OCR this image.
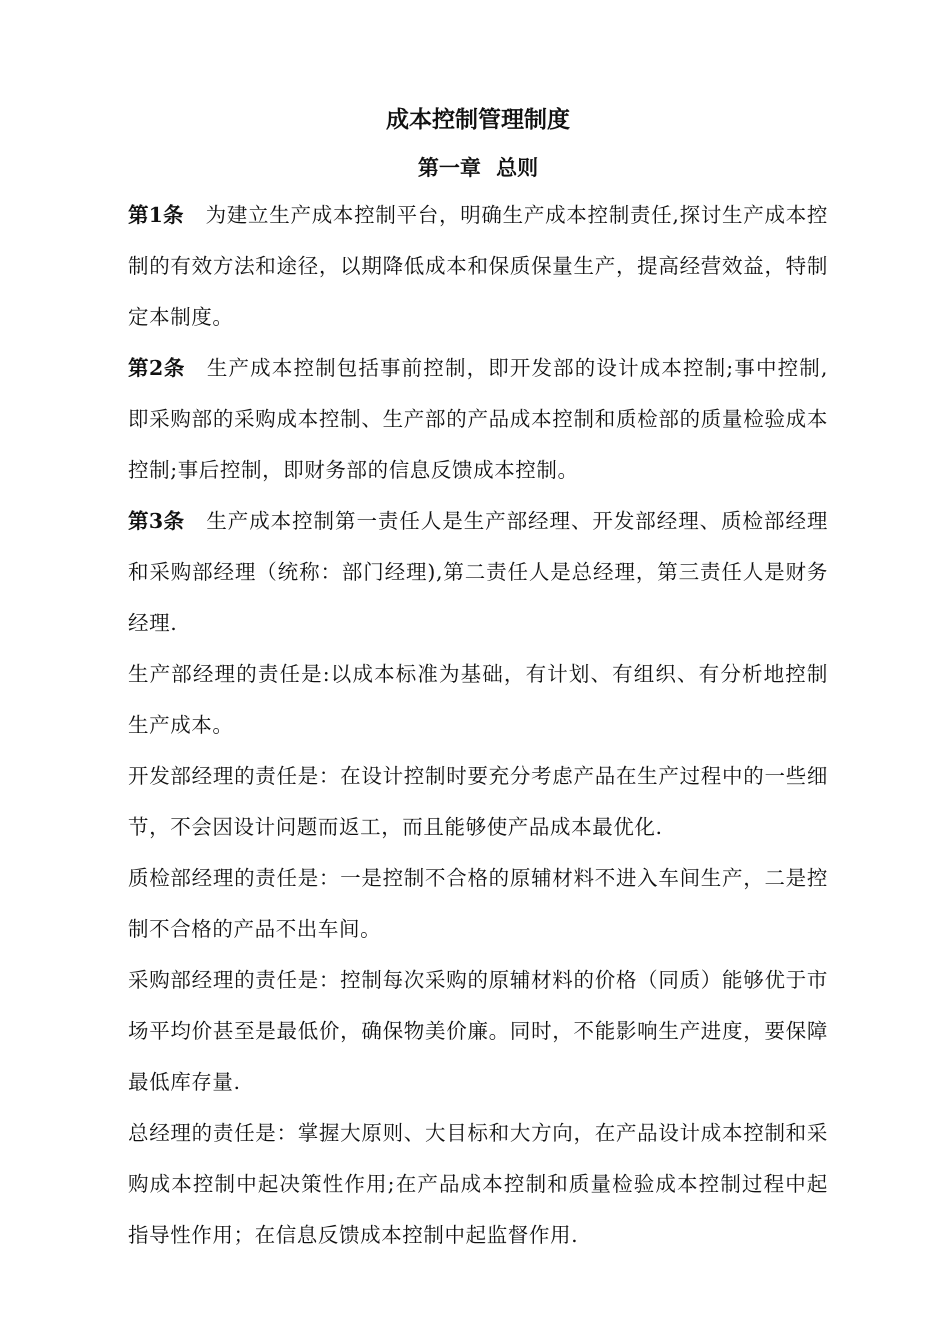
成本控制管理制度
第一章 总则

第1条 为建立生产成本控制平台，明确生产成本控制责任,探讨生产成本控制的有效方法和途径，以期降低成本和保质保量生产，提高经营效益，特制定本制度。

第2条 生产成本控制包括事前控制，即开发部的设计成本控制;事中控制,即采购部的采购成本控制、生产部的产品成本控制和质检部的质量检验成本控制;事后控制，即财务部的信息反馈成本控制。

第3条 生产成本控制第一责任人是生产部经理、开发部经理、质检部经理和采购部经理（统称：部门经理),第二责任人是总经理，第三责任人是财务经理.

生产部经理的责任是:以成本标准为基础，有计划、有组织、有分析地控制生产成本。

开发部经理的责任是：在设计控制时要充分考虑产品在生产过程中的一些细节，不会因设计问题而返工，而且能够使产品成本最优化.

质检部经理的责任是：一是控制不合格的原辅材料不进入车间生产，二是控制不合格的产品不出车间。

采购部经理的责任是：控制每次采购的原辅材料的价格（同质）能够优于市场平均价甚至是最低价，确保物美价廉。同时，不能影响生产进度，要保障最低库存量.

总经理的责任是：掌握大原则、大目标和大方向，在产品设计成本控制和采购成本控制中起决策性作用;在产品成本控制和质量检验成本控制过程中起指导性作用；在信息反馈成本控制中起监督作用.
